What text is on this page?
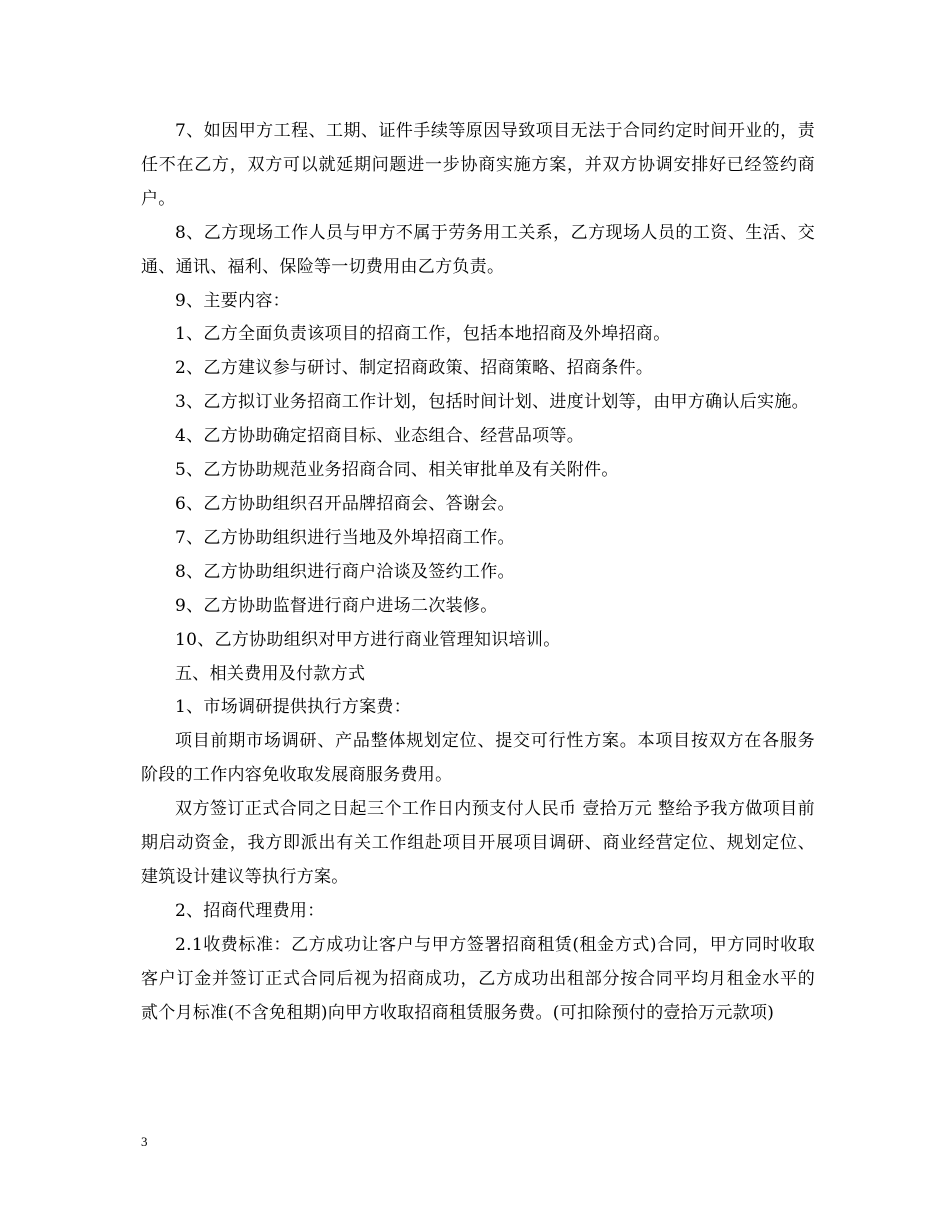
7、如因甲方工程、工期、证件手续等原因导致项目无法于合同约定时间开业的，责任不在乙方，双方可以就延期问题进一步协商实施方案，并双方协调安排好已经签约商户。

8、乙方现场工作人员与甲方不属于劳务用工关系，乙方现场人员的工资、生活、交通、通讯、福利、保险等一切费用由乙方负责。

9、主要内容：

1、乙方全面负责该项目的招商工作，包括本地招商及外埠招商。

2、乙方建议参与研讨、制定招商政策、招商策略、招商条件。

3、乙方拟订业务招商工作计划，包括时间计划、进度计划等，由甲方确认后实施。

4、乙方协助确定招商目标、业态组合、经营品项等。

5、乙方协助规范业务招商合同、相关审批单及有关附件。

6、乙方协助组织召开品牌招商会、答谢会。

7、乙方协助组织进行当地及外埠招商工作。

8、乙方协助组织进行商户洽谈及签约工作。

9、乙方协助监督进行商户进场二次装修。

10、乙方协助组织对甲方进行商业管理知识培训。

五、相关费用及付款方式

1、市场调研提供执行方案费：

项目前期市场调研、产品整体规划定位、提交可行性方案。本项目按双方在各服务阶段的工作内容免收取发展商服务费用。

双方签订正式合同之日起三个工作日内预支付人民币 壹拾万元 整给予我方做项目前期启动资金，我方即派出有关工作组赴项目开展项目调研、商业经营定位、规划定位、建筑设计建议等执行方案。

2、招商代理费用：

2.1收费标准：乙方成功让客户与甲方签署招商租赁(租金方式)合同，甲方同时收取客户订金并签订正式合同后视为招商成功，乙方成功出租部分按合同平均月租金水平的贰个月标准(不含免租期)向甲方收取招商租赁服务费。(可扣除预付的壹拾万元款项)

3
